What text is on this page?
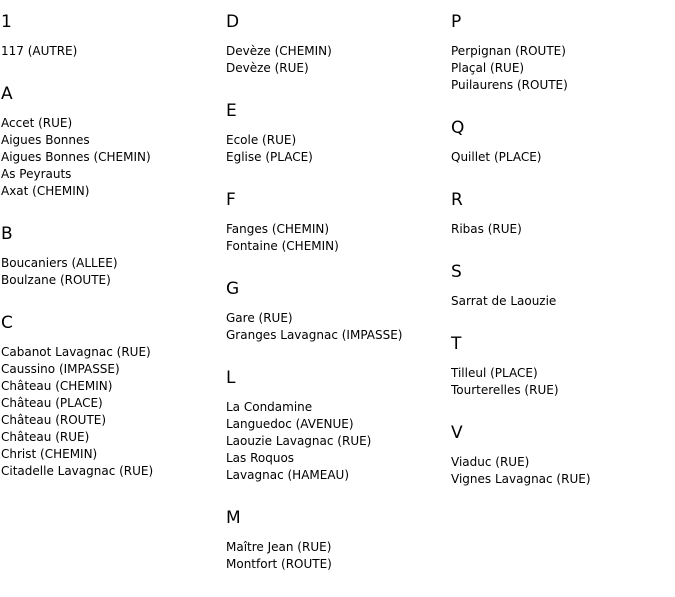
1
117 (AUTRE)
A
Accet (RUE)
Aigues Bonnes
Aigues Bonnes (CHEMIN)
As Peyrauts
Axat (CHEMIN)
B
Boucaniers (ALLEE)
Boulzane (ROUTE)
C
Cabanot Lavagnac (RUE)
Caussino (IMPASSE)
Château (CHEMIN)
Château (PLACE)
Château (ROUTE)
Château (RUE)
Christ (CHEMIN)
Citadelle Lavagnac (RUE)
D
Devèze (CHEMIN)
Devèze (RUE)
E
Ecole (RUE)
Eglise (PLACE)
F
Fanges (CHEMIN)
Fontaine (CHEMIN)
G
Gare (RUE)
Granges Lavagnac (IMPASSE)
L
La Condamine
Languedoc (AVENUE)
Laouzie Lavagnac (RUE)
Las Roquos
Lavagnac (HAMEAU)
M
Maître Jean (RUE)
Montfort (ROUTE)
P
Perpignan (ROUTE)
Plaçal (RUE)
Puilaurens (ROUTE)
Q
Quillet (PLACE)
R
Ribas (RUE)
S
Sarrat de Laouzie
T
Tilleul (PLACE)
Tourterelles (RUE)
V
Viaduc (RUE)
Vignes Lavagnac (RUE)
